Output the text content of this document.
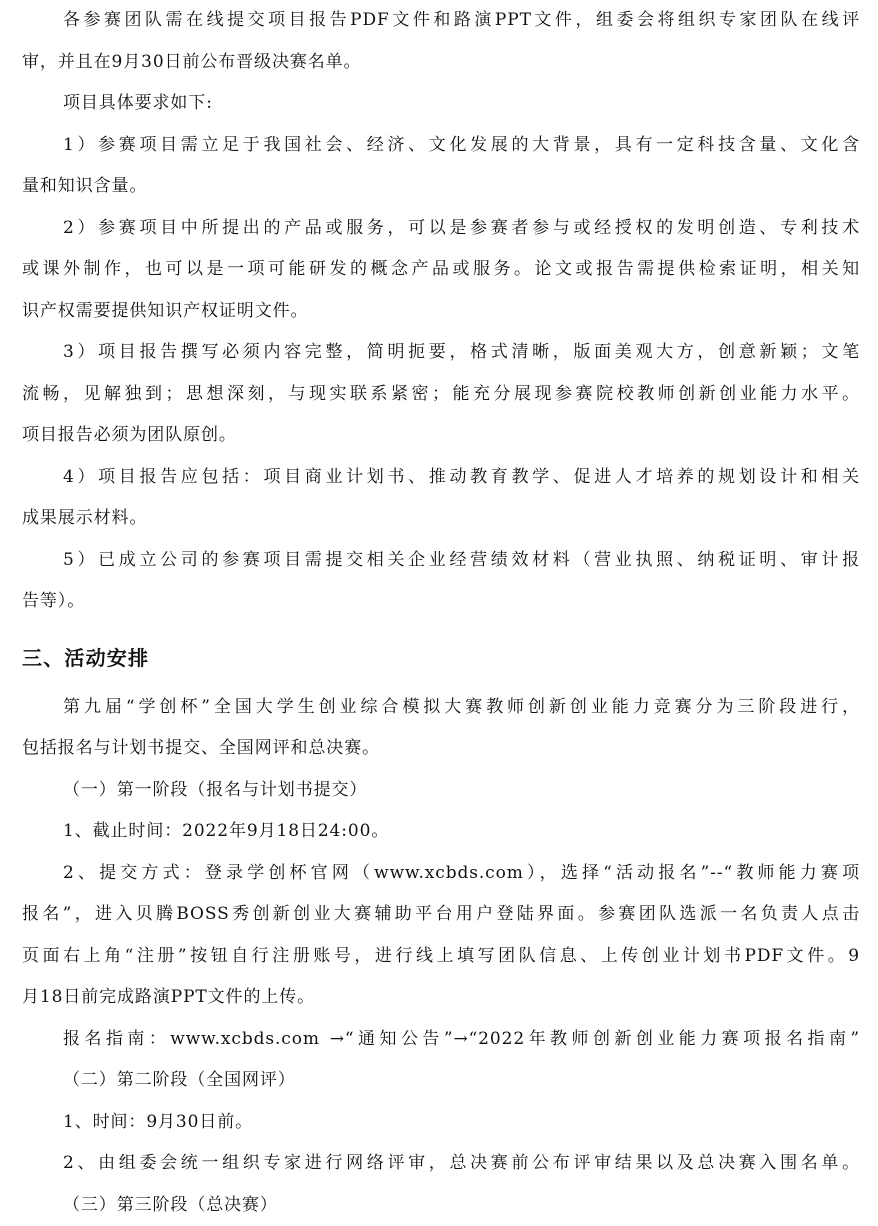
各参赛团队需在线提交项目报告PDF文件和路演PPT文件，组委会将组织专家团队在线评
审，并且在9月30日前公布晋级决赛名单。
项目具体要求如下:
1）参赛项目需立足于我国社会、经济、文化发展的大背景，具有一定科技含量、文化含
量和知识含量。
2）参赛项目中所提出的产品或服务，可以是参赛者参与或经授权的发明创造、专利技术
或课外制作，也可以是一项可能研发的概念产品或服务。论文或报告需提供检索证明，相关知
识产权需要提供知识产权证明文件。
3）项目报告撰写必须内容完整，简明扼要，格式清晰，版面美观大方，创意新颖；文笔
流畅，见解独到；思想深刻，与现实联系紧密；能充分展现参赛院校教师创新创业能力水平。
项目报告必须为团队原创。
4）项目报告应包括：项目商业计划书、推动教育教学、促进人才培养的规划设计和相关
成果展示材料。
5）已成立公司的参赛项目需提交相关企业经营绩效材料（营业执照、纳税证明、审计报
告等）。
三、活动安排
第九届“学创杯”全国大学生创业综合模拟大赛教师创新创业能力竞赛分为三阶段进行，
包括报名与计划书提交、全国网评和总决赛。
（一）第一阶段（报名与计划书提交）
1、截止时间：2022年9月18日24:00。
2、提交方式：登录学创杯官网（www.xcbds.com），选择“活动报名”--“教师能力赛项
报名”，进入贝腾BOSS秀创新创业大赛辅助平台用户登陆界面。参赛团队选派一名负责人点击
页面右上角“注册”按钮自行注册账号，进行线上填写团队信息、上传创业计划书PDF文件。9
月18日前完成路演PPT文件的上传。
报名指南：www.xcbds.com →“通知公告”→“2022年教师创新创业能力赛项报名指南”
（二）第二阶段（全国网评）
1、时间：9月30日前。
2、由组委会统一组织专家进行网络评审，总决赛前公布评审结果以及总决赛入围名单。
（三）第三阶段（总决赛）
